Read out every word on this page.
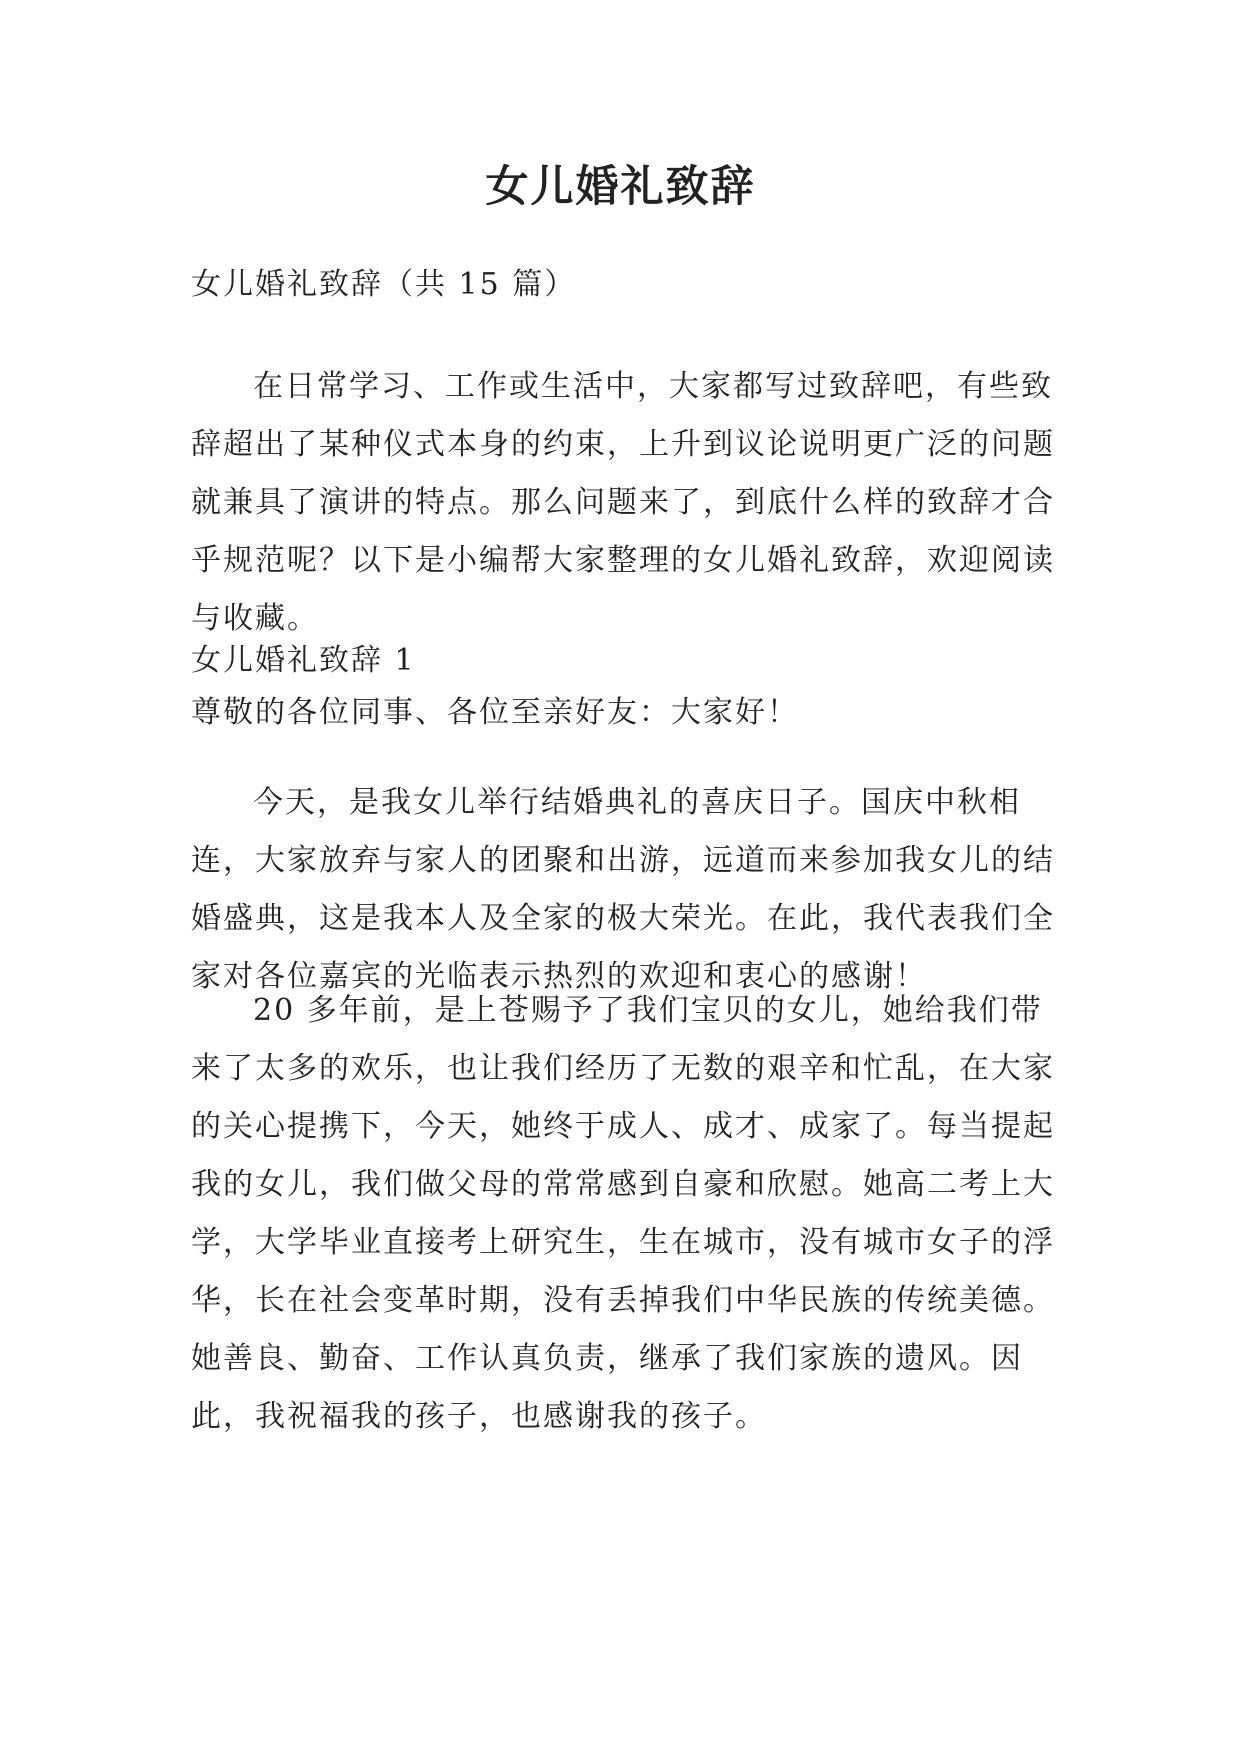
女儿婚礼致辞
女儿婚礼致辞（共 15 篇）
在日常学习、工作或生活中，大家都写过致辞吧，有些致辞超出了某种仪式本身的约束，上升到议论说明更广泛的问题就兼具了演讲的特点。那么问题来了，到底什么样的致辞才合乎规范呢？以下是小编帮大家整理的女儿婚礼致辞，欢迎阅读与收藏。
女儿婚礼致辞 1
尊敬的各位同事、各位至亲好友：大家好！
今天，是我女儿举行结婚典礼的喜庆日子。国庆中秋相连，大家放弃与家人的团聚和出游，远道而来参加我女儿的结婚盛典，这是我本人及全家的极大荣光。在此，我代表我们全家对各位嘉宾的光临表示热烈的欢迎和衷心的感谢！
20 多年前，是上苍赐予了我们宝贝的女儿，她给我们带来了太多的欢乐，也让我们经历了无数的艰辛和忙乱，在大家的关心提携下，今天，她终于成人、成才、成家了。每当提起我的女儿，我们做父母的常常感到自豪和欣慰。她高二考上大学，大学毕业直接考上研究生，生在城市，没有城市女子的浮华，长在社会变革时期，没有丢掉我们中华民族的传统美德。她善良、勤奋、工作认真负责，继承了我们家族的遗风。因此，我祝福我的孩子，也感谢我的孩子。
